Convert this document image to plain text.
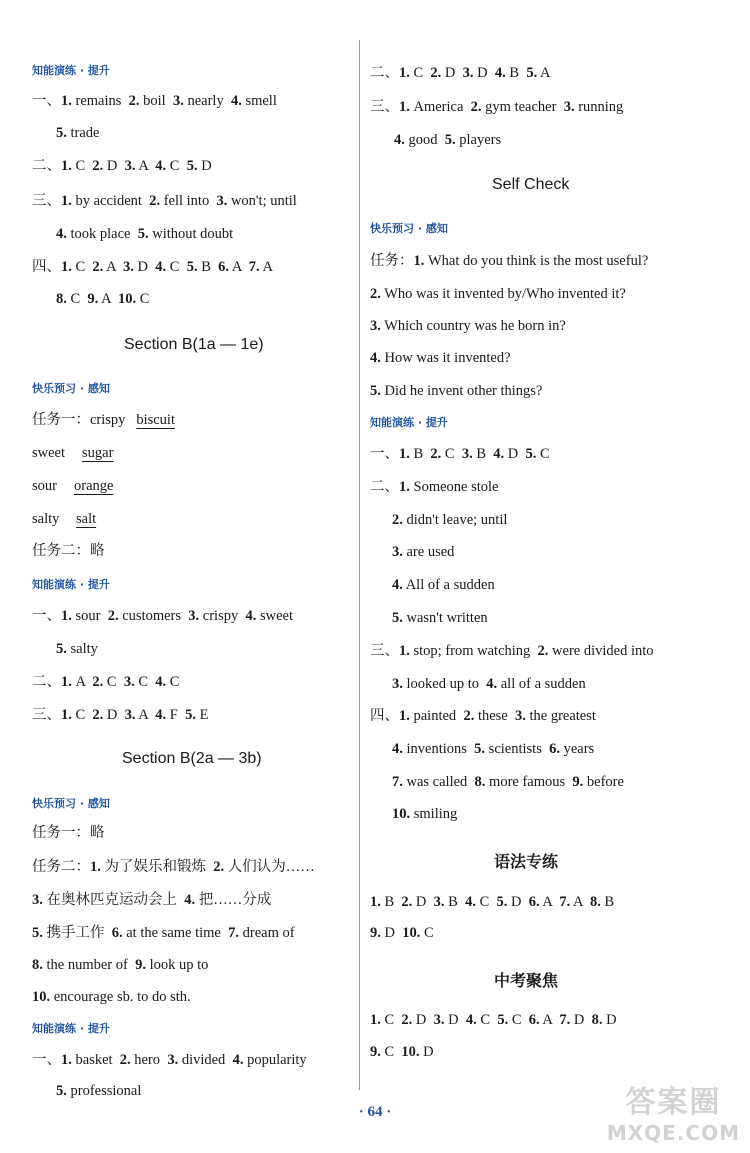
知能演练 · 提升
一、1. remains  2. boil  3. nearly  4. smell
5. trade
二、1. C  2. D  3. A  4. C  5. D
三、1. by accident  2. fell into  3. won't; until
4. took place  5. without doubt
四、1. C  2. A  3. D  4. C  5. B  6. A  7. A
8. C  9. A  10. C
Section B(1a — 1e)
快乐预习 · 感知
任务一：crispy biscuit
sweet sugar
sour orange
salty salt
任务二：略
知能演练 · 提升
一、1. sour  2. customers  3. crispy  4. sweet
5. salty
二、1. A  2. C  3. C  4. C
三、1. C  2. D  3. A  4. F  5. E
Section B(2a — 3b)
快乐预习 · 感知
任务一：略
任务二：1. 为了娱乐和锻炼  2. 人们认为……
3. 在奥林匹克运动会上  4. 把……分成
5. 携手工作  6. at the same time  7. dream of
8. the number of  9. look up to
10. encourage sb. to do sth.
知能演练 · 提升
一、1. basket  2. hero  3. divided  4. popularity
5. professional
二、1. C  2. D  3. D  4. B  5. A
三、1. America  2. gym teacher  3. running
4. good  5. players
Self Check
快乐预习 · 感知
任务：1. What do you think is the most useful?
2. Who was it invented by/Who invented it?
3. Which country was he born in?
4. How was it invented?
5. Did he invent other things?
知能演练 · 提升
一、1. B  2. C  3. B  4. D  5. C
二、1. Someone stole
2. didn't leave; until
3. are used
4. All of a sudden
5. wasn't written
三、1. stop; from watching  2. were divided into
3. looked up to  4. all of a sudden
四、1. painted  2. these  3. the greatest
4. inventions  5. scientists  6. years
7. was called  8. more famous  9. before
10. smiling
语法专练
1. B  2. D  3. B  4. C  5. D  6. A  7. A  8. B
9. D  10. C
中考聚焦
1. C  2. D  3. D  4. C  5. C  6. A  7. D  8. D
9. C  10. D
· 64 ·	答案圈
MXQE.COM
